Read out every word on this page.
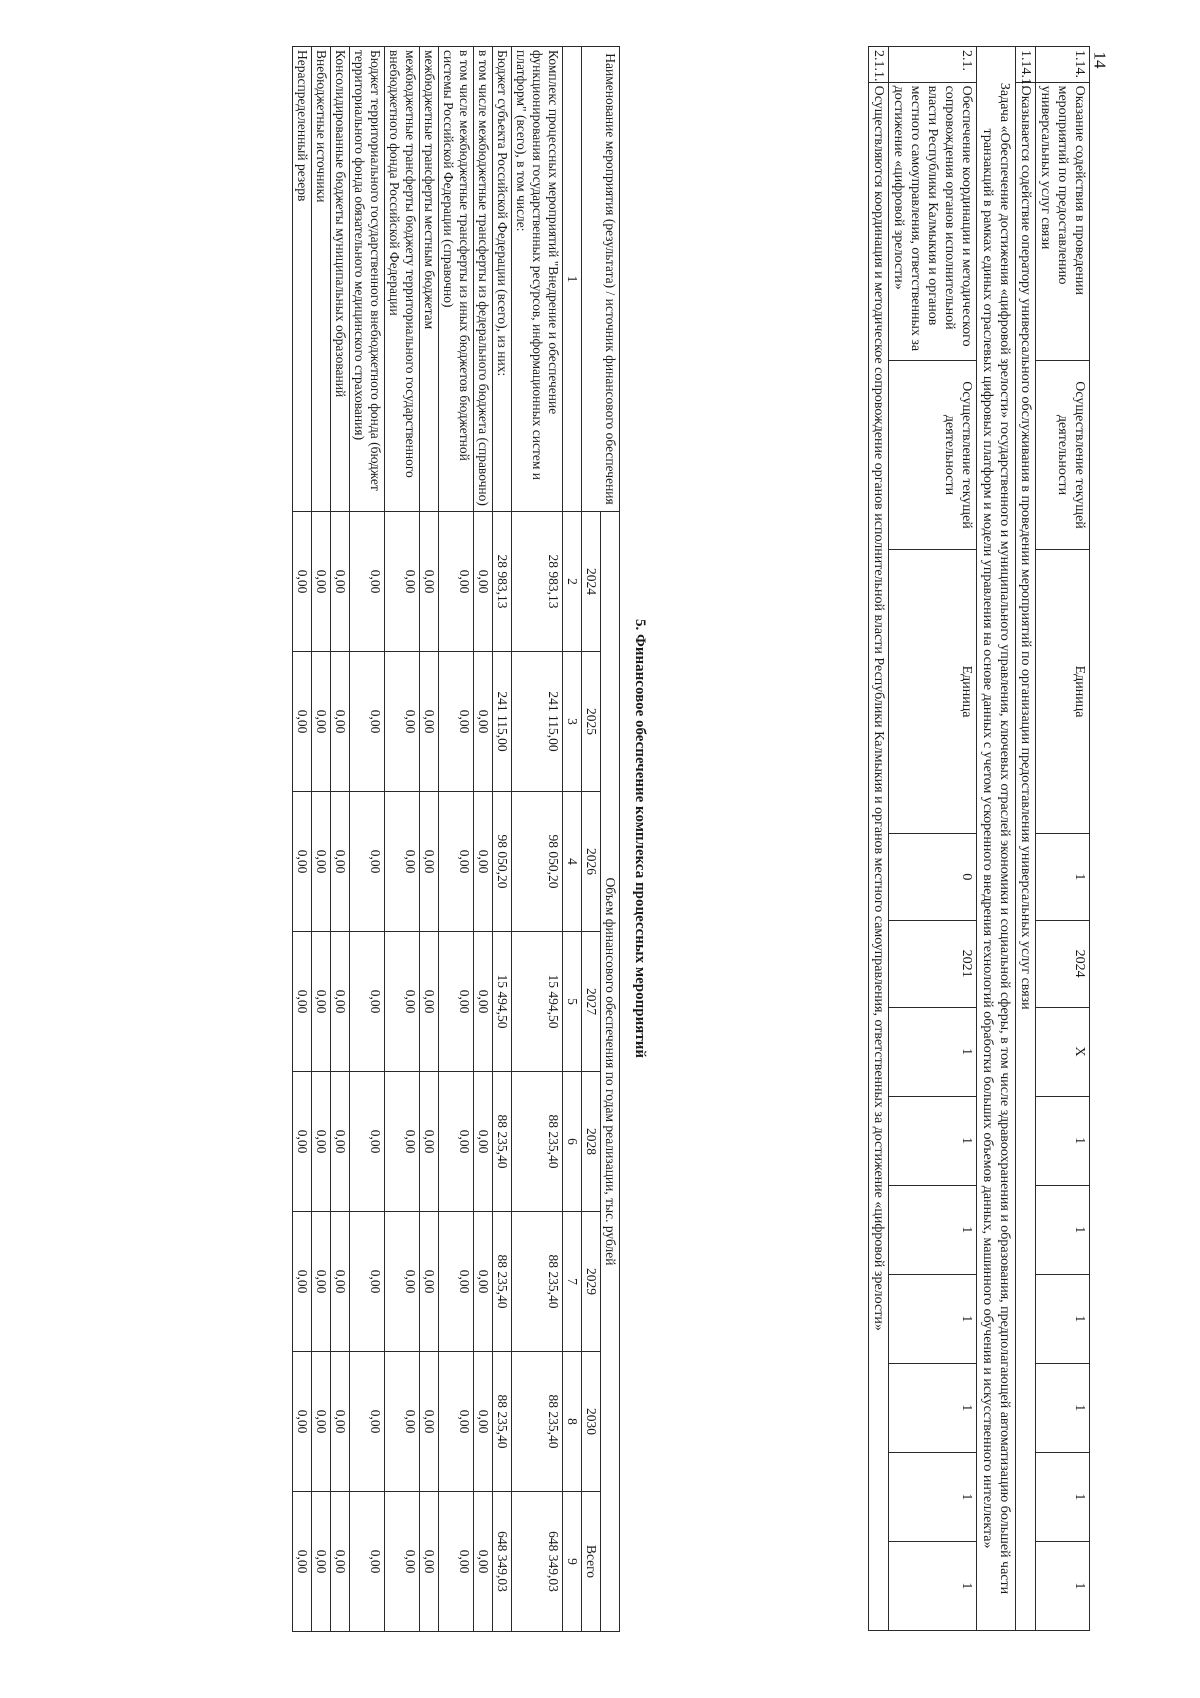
14
1.14.	Оказание содействия в проведении мероприятий по предоставлению универсальных услуг связи	Осуществление текущей деятельности	Единица	1	2024	X	1	1	1	1	1	1
1.14.1.	Оказывается содействие оператору универсального обслуживания в проведении мероприятий по организации предоставления универсальных услуг связи											
Задача «Обеспечение достижения «цифровой зрелости» государственного и муниципального управления, ключевых отраслей экономики и социальной сферы, в том числе здравоохранения и образования, предполагающей автоматизацию большей части транзакций в рамках единых отраслевых цифровых платформ и модели управления на основе данных с учетом ускоренного внедрения технологий обработки больших объемов данных, машинного обучения и искусственного интеллекта»												
2.1.	Обеспечение координации и методического сопровождения органов исполнительной власти Республики Калмыкия и органов местного самоуправления, ответственных за достижение «цифровой зрелости»	Осуществление текущей деятельности	Единица	0	2021	1	1	1	1	1	1	1
2.1.1.	Осуществляются координация и методическое сопровождение органов исполнительной власти Республики Калмыкия и органов местного самоуправления, ответственных за достижение «цифровой зрелости»											
5. Финансовое обеспечение комплекса процессных мероприятий
Наименование мероприятия (результата) / источник финансового обеспечения	Объем финансового обеспечения по годам реализации, тыс. рублей							
	2024	2025	2026	2027	2028	2029	2030	Всего
1	2	3	4	5	6	7	8	9
Комплекс процессных мероприятий "Внедрение и обеспечение функционирования государственных ресурсов, информационных систем и платформ" (всего), в том числе:	28 983,13	241 115,00	98 050,20	15 494,50	88 235,40	88 235,40	88 235,40	648 349,03
Бюджет субъекта Российской Федерации (всего), из них:	28 983,13	241 115,00	98 050,20	15 494,50	88 235,40	88 235,40	88 235,40	648 349,03
в том числе межбюджетные трансферты из федерального бюджета (справочно)	0,00	0,00	0,00	0,00	0,00	0,00	0,00	0,00
в том числе межбюджетные трансферты из иных бюджетов бюджетной системы Российской Федерации (справочно)	0,00	0,00	0,00	0,00	0,00	0,00	0,00	0,00
межбюджетные трансферты местным бюджетам	0,00	0,00	0,00	0,00	0,00	0,00	0,00	0,00
межбюджетные трансферты бюджету территориального государственного внебюджетного фонда Российской Федерации	0,00	0,00	0,00	0,00	0,00	0,00	0,00	0,00
Бюджет территориального государственного внебюджетного фонда (бюджет территориального фонда обязательного медицинского страхования)	0,00	0,00	0,00	0,00	0,00	0,00	0,00	0,00
Консолидированные бюджеты муниципальных образований	0,00	0,00	0,00	0,00	0,00	0,00	0,00	0,00
Внебюджетные источники	0,00	0,00	0,00	0,00	0,00	0,00	0,00	0,00
Нераспределенный резерв	0,00	0,00	0,00	0,00	0,00	0,00	0,00	0,00
